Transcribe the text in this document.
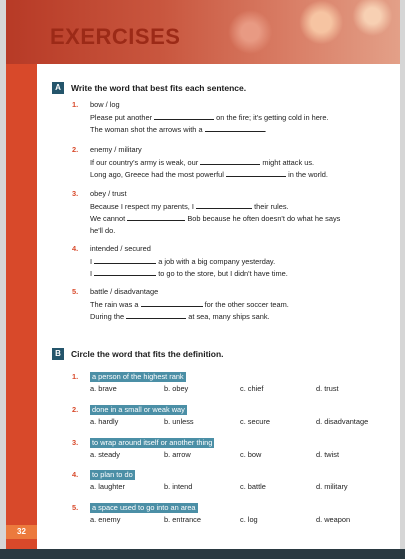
EXERCISES
32
A	Write the word that best fits each sentence.
1. bow / log
Please put another	on the fire; it's getting cold in here.
The woman shot the arrows with a	.
2. enemy / military
If our country's army is weak, our	might attack us.
Long ago, Greece had the most powerful	in the world.
3. obey / trust
Because I respect my parents, I	their rules.
We cannot	Bob because he often doesn't do what he says
he'll do.
4. intended / secured
I	a job with a big company yesterday.
I	to go to the store, but I didn't have time.
5. battle / disadvantage
The rain was a	for the other soccer team.
During the	at sea, many ships sank.
B	Circle the word that fits the definition.
1. a person of the highest rank
a. brave	b. obey	c. chief	d. trust
2. done in a small or weak way
a. hardly	b. unless	c. secure	d. disadvantage
3. to wrap around itself or another thing
a. steady	b. arrow	c. bow	d. twist
4. to plan to do
a. laughter	b. intend	c. battle	d. military
5. a space used to go into an area
a. enemy	b. entrance	c. log	d. weapon
